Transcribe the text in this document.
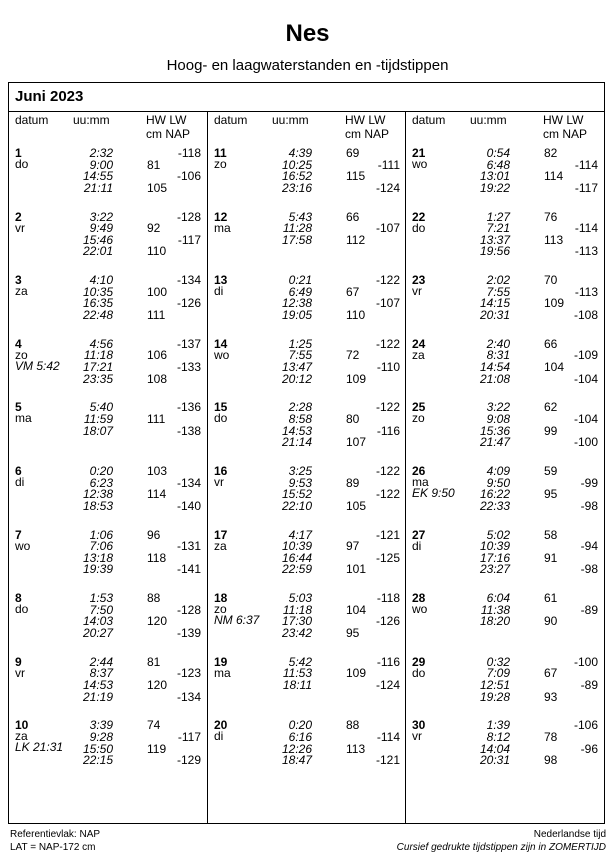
Nes
Hoog- en laagwaterstanden en -tijdstippen
Juni 2023
datum uu:mm	HW LW
cm NAP
1
do
2:32	-118
9:00	81
14:55	-106
21:11	105
2
vr
3:22	-128
9:49	92
15:46	-117
22:01	110
3
za
4:10	-134
10:35	100
16:35	-126
22:48	111
4
zo
VM 5:42
4:56	-137
11:18	106
17:21	-133
23:35	108
5
ma
5:40	-136
11:59	111
18:07	-138
6
di
0:20	103
6:23	-134
12:38	114
18:53	-140
7
wo
1:06	96
7:06	-131
13:18	118
19:39	-141
8
do
1:53	88
7:50	-128
14:03	120
20:27	-139
9
vr
2:44	81
8:37	-123
14:53	120
21:19	-134
10
za
LK 21:31
3:39	74
9:28	-117
15:50	119
22:15	-129
datum uu:mm	HW LW
cm NAP
11
zo
4:39	69
10:25	-111
16:52	115
23:16	-124
12
ma
5:43	66
11:28	-107
17:58	112
13
di
0:21	-122
6:49	67
12:38	-107
19:05	110
14
wo
1:25	-122
7:55	72
13:47	-110
20:12	109
15
do
2:28	-122
8:58	80
14:53	-116
21:14	107
16
vr
3:25	-122
9:53	89
15:52	-122
22:10	105
17
za
4:17	-121
10:39	97
16:44	-125
22:59	101
18
zo
NM 6:37
5:03	-118
11:18	104
17:30	-126
23:42	95
19
ma
5:42	-116
11:53	109
18:11	-124
20
di
0:20	88
6:16	-114
12:26	113
18:47	-121
datum uu:mm	HW LW
cm NAP
21
wo
0:54	82
6:48	-114
13:01	114
19:22	-117
22
do
1:27	76
7:21	-114
13:37	113
19:56	-113
23
vr
2:02	70
7:55	-113
14:15	109
20:31	-108
24
za
2:40	66
8:31	-109
14:54	104
21:08	-104
25
zo
3:22	62
9:08	-104
15:36	99
21:47	-100
26
ma
EK 9:50
4:09	59
9:50	-99
16:22	95
22:33	-98
27
di
5:02	58
10:39	-94
17:16	91
23:27	-98
28
wo
6:04	61
11:38	-89
18:20	90
29
do
0:32	-100
7:09	67
12:51	-89
19:28	93
30
vr
1:39	-106
8:12	78
14:04	-96
20:31	98
Referentievlak: NAP
LAT = NAP-172 cm
Nederlandse tijd
Cursief gedrukte tijdstippen zijn in ZOMERTIJD
